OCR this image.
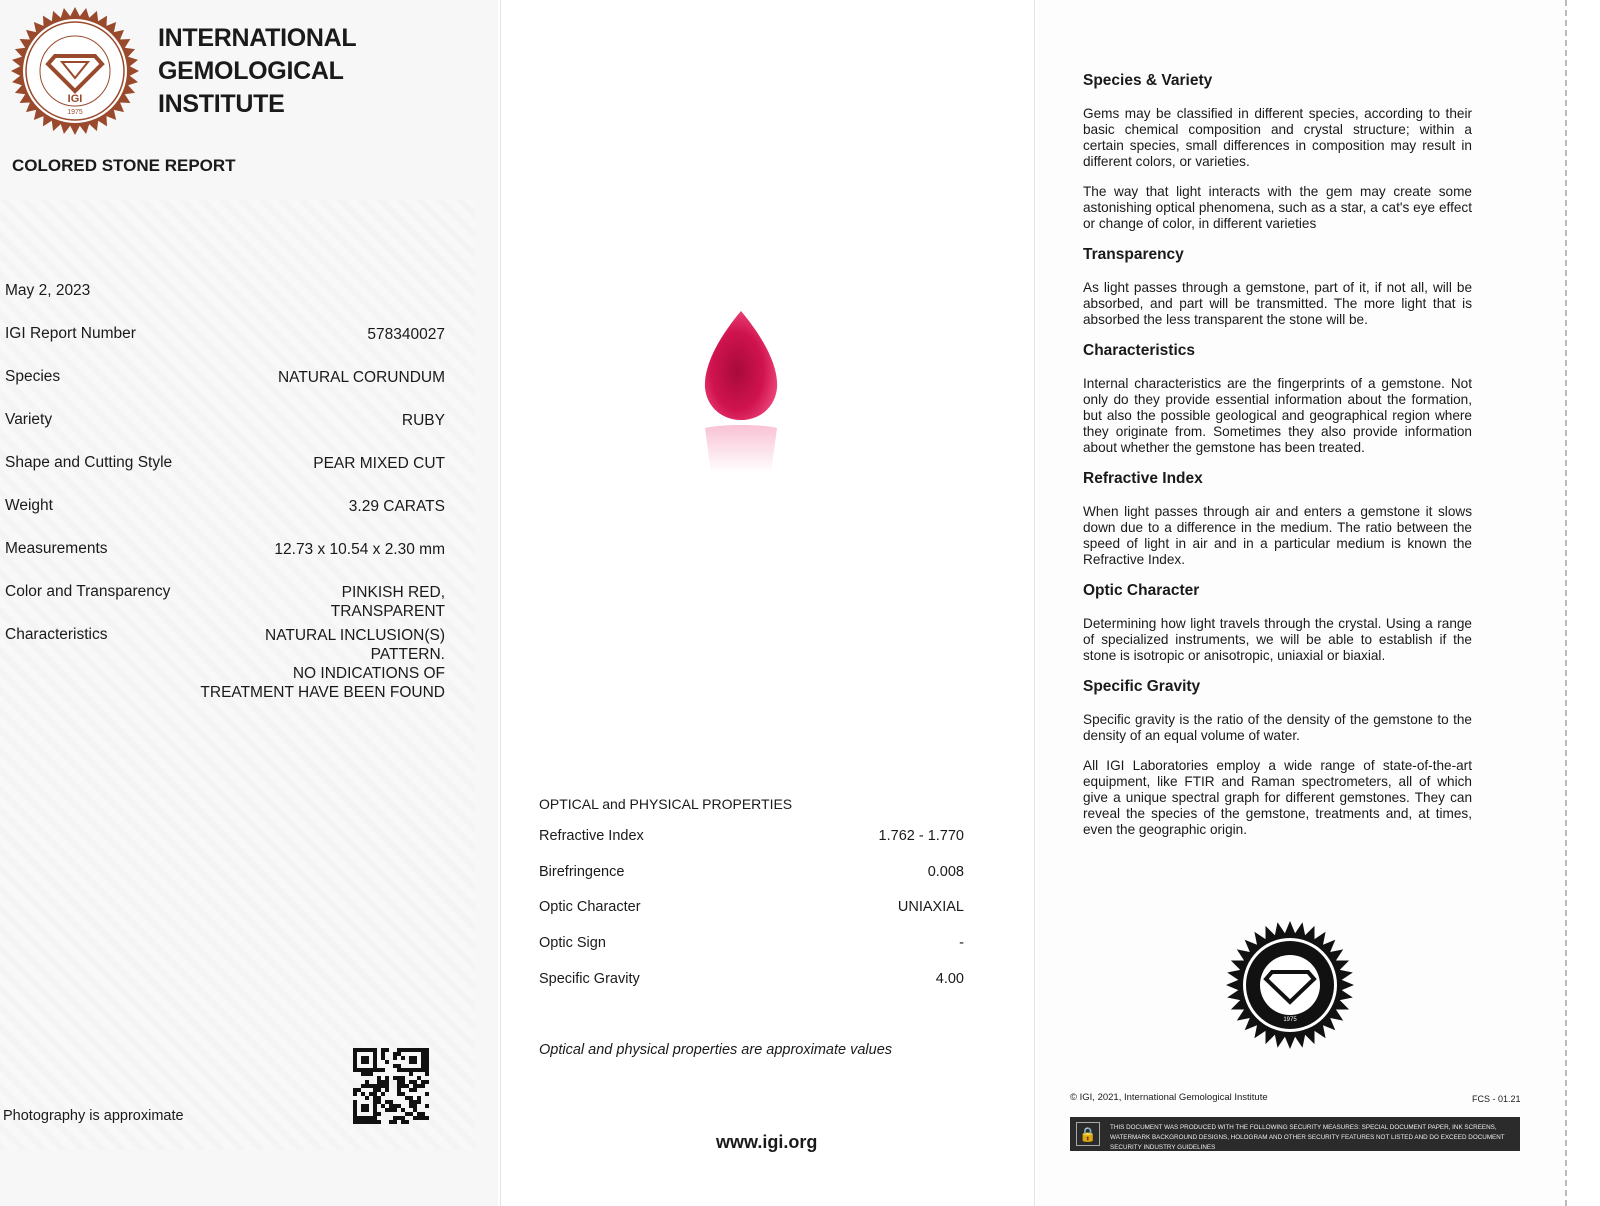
IGI
1975
INTERNATIONAL
GEMOLOGICAL
INSTITUTE
COLORED STONE REPORT
May 2, 2023
IGI Report Number	578340027
Species	NATURAL CORUNDUM
Variety	RUBY
Shape and Cutting Style	PEAR MIXED CUT
Weight	3.29 CARATS
Measurements	12.73 x 10.54 x 2.30 mm
Color and Transparency	PINKISH RED,
TRANSPARENT
Characteristics	NATURAL INCLUSION(S)
PATTERN.
NO INDICATIONS OF
TREATMENT HAVE BEEN FOUND
Photography is approximate
OPTICAL and PHYSICAL PROPERTIES
Refractive Index	1.762 - 1.770
Birefringence	0.008
Optic Character	UNIAXIAL
Optic Sign	-
Specific Gravity	4.00
Optical and physical properties are approximate values
www.igi.org
Species & Variety

Gems may be classified in different species, according to their basic chemical composition and crystal structure; within a certain species, small differences in composition may result in different colors, or varieties.

The way that light interacts with the gem may create some astonishing optical phenomena, such as a star, a cat's eye effect or change of color, in different varieties

Transparency

As light passes through a gemstone, part of it, if not all, will be absorbed, and part will be transmitted. The more light that is absorbed the less transparent the stone will be.

Characteristics

Internal characteristics are the fingerprints of a gemstone. Not only do they provide essential information about the formation, but also the possible geological and geographical region where they originate from. Sometimes they also provide information about whether the gemstone has been treated.

Refractive Index

When light passes through air and enters a gemstone it slows down due to a difference in the medium. The ratio between the speed of light in air and in a particular medium is known the Refractive Index.

Optic Character

Determining how light travels through the crystal. Using a range of specialized instruments, we will be able to establish if the stone is isotropic or anisotropic, uniaxial or biaxial.

Specific Gravity

Specific gravity is the ratio of the density of the gemstone to the density of an equal volume of water.

All IGI Laboratories employ a wide range of state-of-the-art equipment, like FTIR and Raman spectrometers, all of which give a unique spectral graph for different gemstones. They can reveal the species of the gemstone, treatments and, at times, even the geographic origin.

1975
© IGI, 2021, International Gemological Institute	FCS - 01.21
🔒	THIS DOCUMENT WAS PRODUCED WITH THE FOLLOWING SECURITY MEASURES: SPECIAL DOCUMENT PAPER, INK SCREENS, WATERMARK BACKGROUND DESIGNS, HOLOGRAM AND OTHER SECURITY FEATURES NOT LISTED AND DO EXCEED DOCUMENT SECURITY INDUSTRY GUIDELINES
